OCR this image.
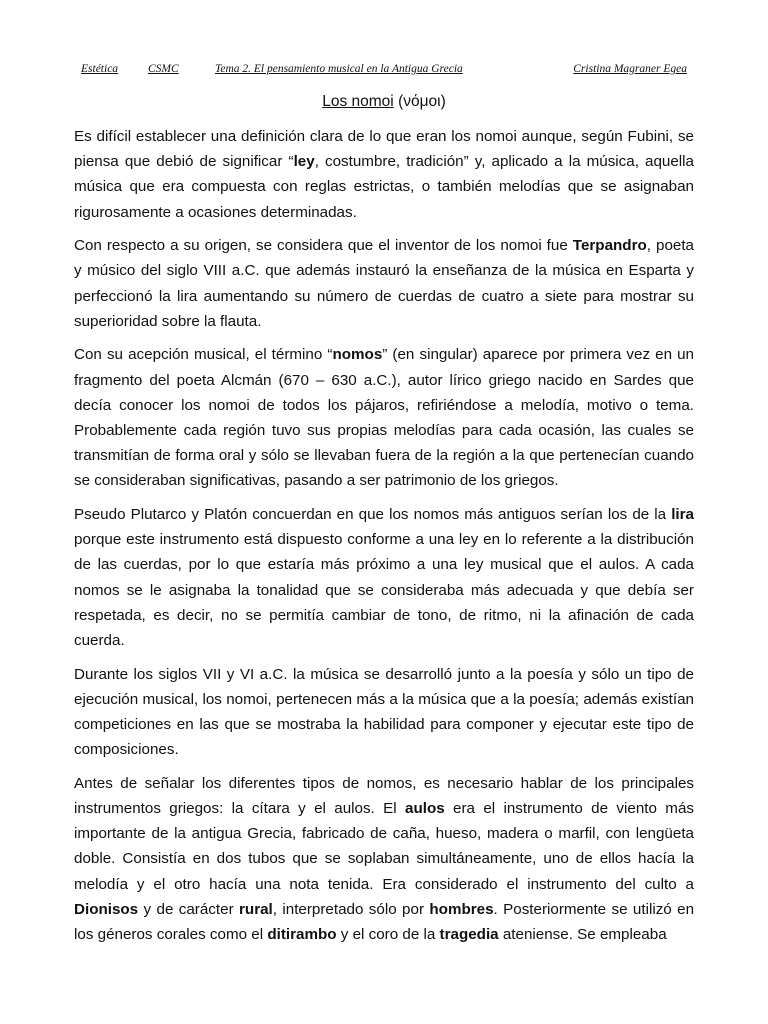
Estética	CSMC	Tema 2. El pensamiento musical en la Antigua Grecia	Cristina Magraner Egea
Los nomoi (νόμοι)

Es difícil establecer una definición clara de lo que eran los nomoi aunque, según Fubini, se piensa que debió de significar “ley, costumbre, tradición” y, aplicado a la música, aquella música que era compuesta con reglas estrictas, o también melodías que se asignaban rigurosamente a ocasiones determinadas.

Con respecto a su origen, se considera que el inventor de los nomoi fue Terpandro, poeta y músico del siglo VIII a.C. que además instauró la enseñanza de la música en Esparta y perfeccionó la lira aumentando su número de cuerdas de cuatro a siete para mostrar su superioridad sobre la flauta.

Con su acepción musical, el término “nomos” (en singular) aparece por primera vez en un fragmento del poeta Alcmán (670 – 630 a.C.), autor lírico griego nacido en Sardes que decía conocer los nomoi de todos los pájaros, refiriéndose a melodía, motivo o tema. Probablemente cada región tuvo sus propias melodías para cada ocasión, las cuales se transmitían de forma oral y sólo se llevaban fuera de la región a la que pertenecían cuando se consideraban significativas, pasando a ser patrimonio de los griegos.

Pseudo Plutarco y Platón concuerdan en que los nomos más antiguos serían los de la lira porque este instrumento está dispuesto conforme a una ley en lo referente a la distribución de las cuerdas, por lo que estaría más próximo a una ley musical que el aulos. A cada nomos se le asignaba la tonalidad que se consideraba más adecuada y que debía ser respetada, es decir, no se permitía cambiar de tono, de ritmo, ni la afinación de cada cuerda.

Durante los siglos VII y VI a.C. la música se desarrolló junto a la poesía y sólo un tipo de ejecución musical, los nomoi, pertenecen más a la música que a la poesía; además existían competiciones en las que se mostraba la habilidad para componer y ejecutar este tipo de composiciones.

Antes de señalar los diferentes tipos de nomos, es necesario hablar de los principales instrumentos griegos: la cítara y el aulos. El aulos era el instrumento de viento más importante de la antigua Grecia, fabricado de caña, hueso, madera o marfil, con lengüeta doble. Consistía en dos tubos que se soplaban simultáneamente, uno de ellos hacía la melodía y el otro hacía una nota tenida. Era considerado el instrumento del culto a Dionisos y de carácter rural, interpretado sólo por hombres. Posteriormente se utilizó en los géneros corales como el ditirambo y el coro de la tragedia ateniense. Se empleaba
